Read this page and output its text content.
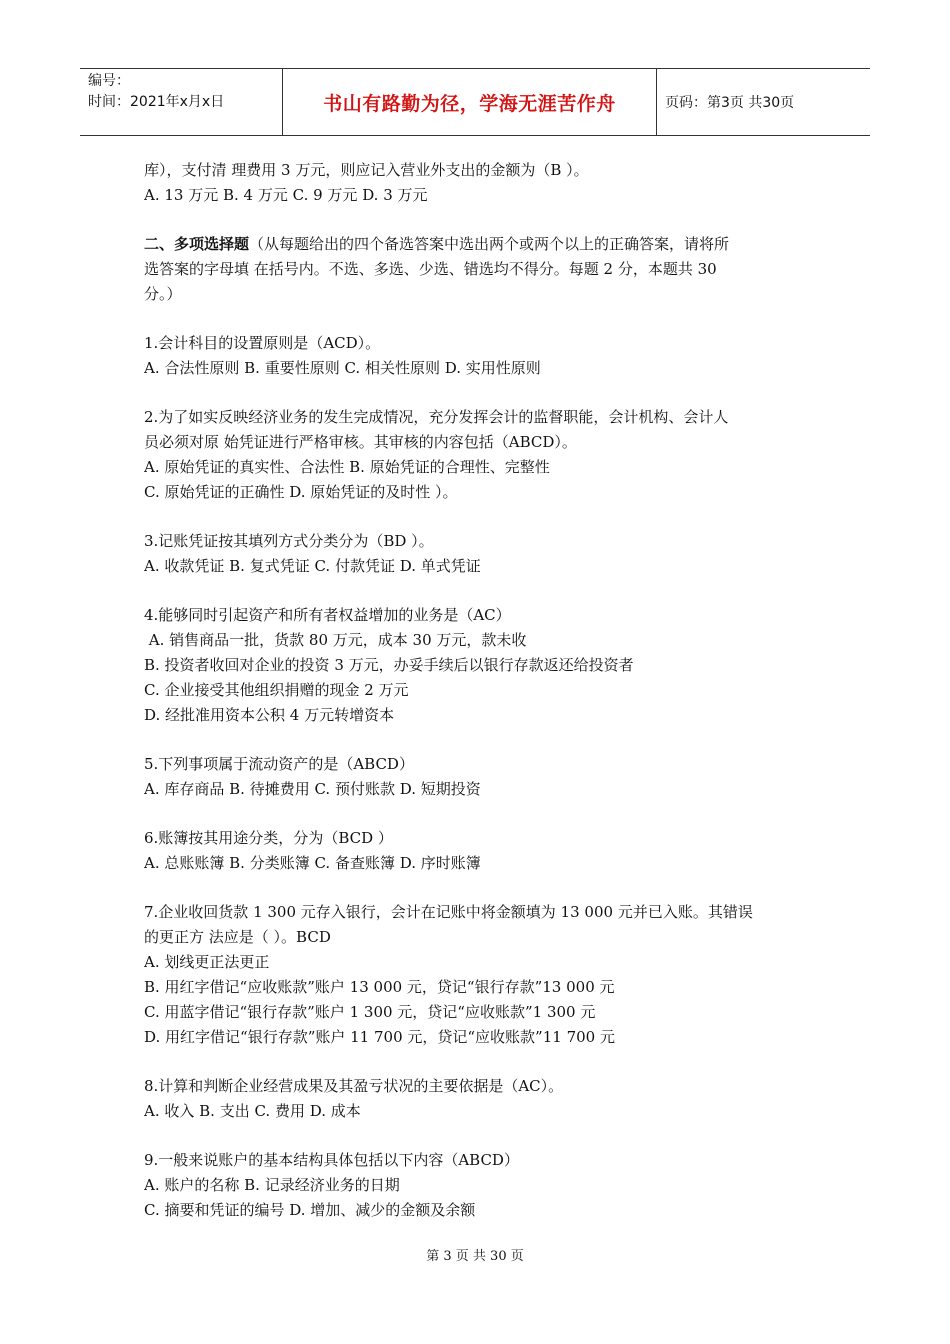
编号：
时间：2021年x月x日	书山有路勤为径，学海无涯苦作舟	页码：第3页 共30页
库），支付清 理费用 3 万元，则应记入营业外支出的金额为（B ）。
A. 13 万元 B. 4 万元 C. 9 万元 D. 3 万元
二、多项选择题（从每题给出的四个备选答案中选出两个或两个以上的正确答案，请将所
选答案的字母填 在括号内。不选、多选、少选、错选均不得分。每题 2 分，本题共 30
分。）
1.会计科目的设置原则是（ACD）。
A. 合法性原则 B. 重要性原则 C. 相关性原则 D. 实用性原则
2.为了如实反映经济业务的发生完成情况，充分发挥会计的监督职能，会计机构、会计人
员必须对原 始凭证进行严格审核。其审核的内容包括（ABCD）。
A. 原始凭证的真实性、合法性 B. 原始凭证的合理性、完整性
C. 原始凭证的正确性 D. 原始凭证的及时性 ）。
3.记账凭证按其填列方式分类分为（BD ）。
A. 收款凭证 B. 复式凭证 C. 付款凭证 D. 单式凭证
4.能够同时引起资产和所有者权益增加的业务是（AC）
A. 销售商品一批，货款 80 万元，成本 30 万元，款未收
B. 投资者收回对企业的投资 3 万元，办妥手续后以银行存款返还给投资者
C. 企业接受其他组织捐赠的现金 2 万元
D. 经批准用资本公积 4 万元转增资本
5.下列事项属于流动资产的是（ABCD）
A. 库存商品 B. 待摊费用 C. 预付账款 D. 短期投资
6.账簿按其用途分类，分为（BCD ）
A. 总账账簿 B. 分类账簿 C. 备查账簿 D. 序时账簿
7.企业收回货款 1 300 元存入银行，会计在记账中将金额填为 13 000 元并已入账。其错误
的更正方 法应是（ ）。BCD
A. 划线更正法更正
B. 用红字借记“应收账款”账户 13 000 元，贷记“银行存款”13 000 元
C. 用蓝字借记“银行存款”账户 1 300 元，贷记“应收账款”1 300 元
D. 用红字借记“银行存款”账户 11 700 元，贷记“应收账款”11 700 元
8.计算和判断企业经营成果及其盈亏状况的主要依据是（AC）。
A. 收入 B. 支出 C. 费用 D. 成本
9.一般来说账户的基本结构具体包括以下内容（ABCD）
A. 账户的名称 B. 记录经济业务的日期
C. 摘要和凭证的编号 D. 增加、减少的金额及余额
第 3 页 共 30 页
